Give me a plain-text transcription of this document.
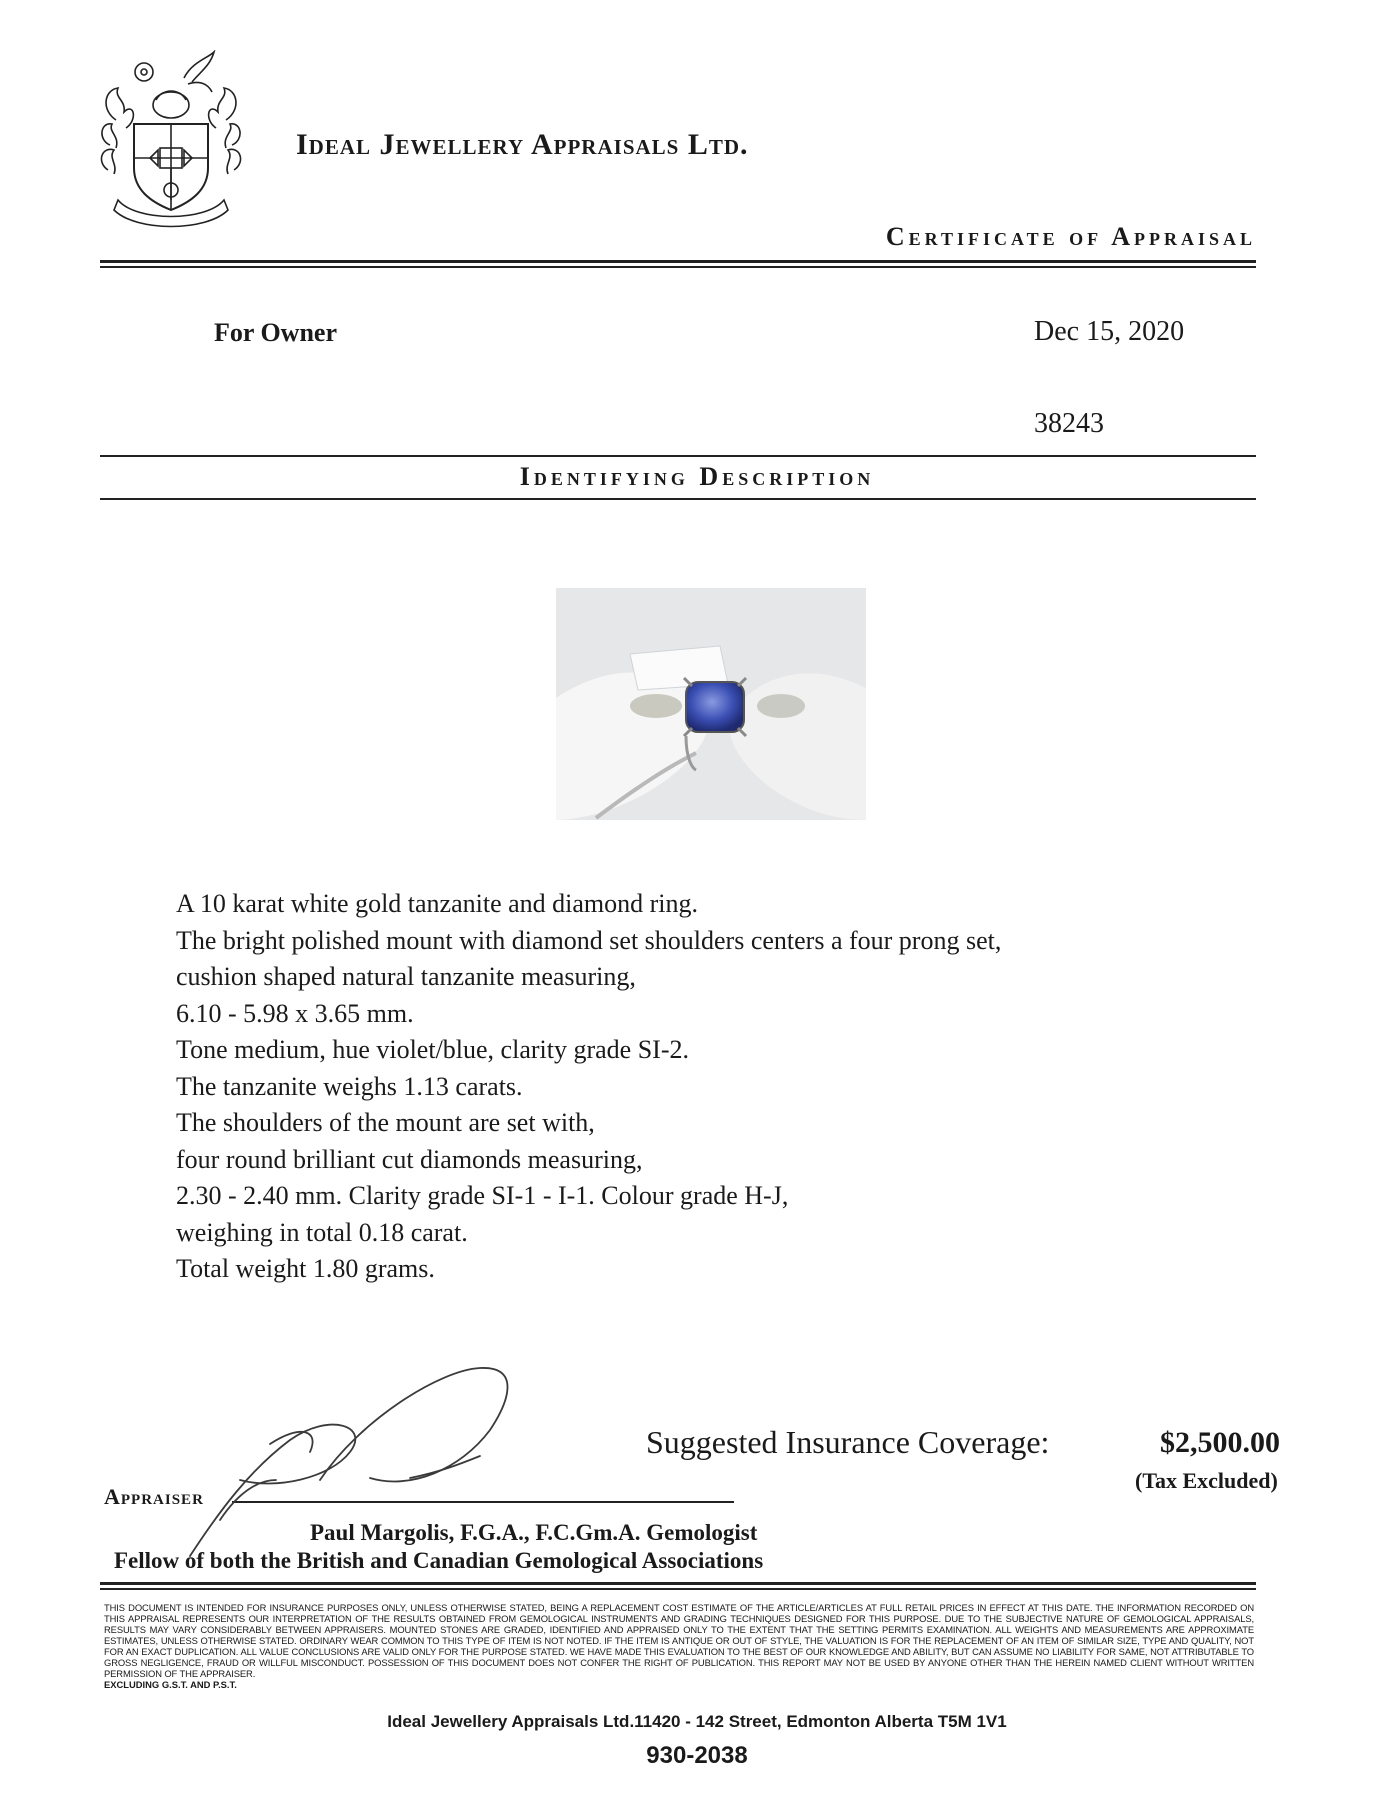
Ideal Jewellery Appraisals Ltd.
Certificate of Appraisal
For Owner	Dec 15, 2020
38243
Identifying Description
A 10 karat white gold tanzanite and diamond ring.
The bright polished mount with diamond set shoulders centers a four prong set,
cushion shaped natural tanzanite measuring,
6.10 - 5.98 x 3.65 mm.
Tone medium, hue violet/blue, clarity grade SI-2.
The tanzanite weighs 1.13 carats.
The shoulders of the mount are set with,
four round brilliant cut diamonds measuring,
2.30 - 2.40 mm. Clarity grade SI-1 - I-1. Colour grade H-J,
weighing in total 0.18 carat.
Total weight 1.80 grams.
Suggested Insurance Coverage:	$2,500.00
(Tax Excluded)
Appraiser
Paul Margolis, F.G.A., F.C.Gm.A. Gemologist
Fellow of both the British and Canadian Gemological Associations
THIS DOCUMENT IS INTENDED FOR INSURANCE PURPOSES ONLY, UNLESS OTHERWISE STATED, BEING A REPLACEMENT COST ESTIMATE OF THE ARTICLE/ARTICLES AT FULL RETAIL PRICES IN EFFECT AT THIS DATE. THE INFORMATION RECORDED ON THIS APPRAISAL REPRESENTS OUR INTERPRETATION OF THE RESULTS OBTAINED FROM GEMOLOGICAL INSTRUMENTS AND GRADING TECHNIQUES DESIGNED FOR THIS PURPOSE. DUE TO THE SUBJECTIVE NATURE OF GEMOLOGICAL APPRAISALS, RESULTS MAY VARY CONSIDERABLY BETWEEN APPRAISERS. MOUNTED STONES ARE GRADED, IDENTIFIED AND APPRAISED ONLY TO THE EXTENT THAT THE SETTING PERMITS EXAMINATION. ALL WEIGHTS AND MEASUREMENTS ARE APPROXIMATE ESTIMATES, UNLESS OTHERWISE STATED. ORDINARY WEAR COMMON TO THIS TYPE OF ITEM IS NOT NOTED. IF THE ITEM IS ANTIQUE OR OUT OF STYLE, THE VALUATION IS FOR THE REPLACEMENT OF AN ITEM OF SIMILAR SIZE, TYPE AND QUALITY, NOT FOR AN EXACT DUPLICATION. ALL VALUE CONCLUSIONS ARE VALID ONLY FOR THE PURPOSE STATED. WE HAVE MADE THIS EVALUATION TO THE BEST OF OUR KNOWLEDGE AND ABILITY, BUT CAN ASSUME NO LIABILITY FOR SAME, NOT ATTRIBUTABLE TO GROSS NEGLIGENCE, FRAUD OR WILLFUL MISCONDUCT. POSSESSION OF THIS DOCUMENT DOES NOT CONFER THE RIGHT OF PUBLICATION. THIS REPORT MAY NOT BE USED BY ANYONE OTHER THAN THE HEREIN NAMED CLIENT WITHOUT WRITTEN PERMISSION OF THE APPRAISER.
EXCLUDING G.S.T. AND P.S.T.
Ideal Jewellery Appraisals Ltd.11420 - 142 Street, Edmonton Alberta T5M 1V1
930-2038
